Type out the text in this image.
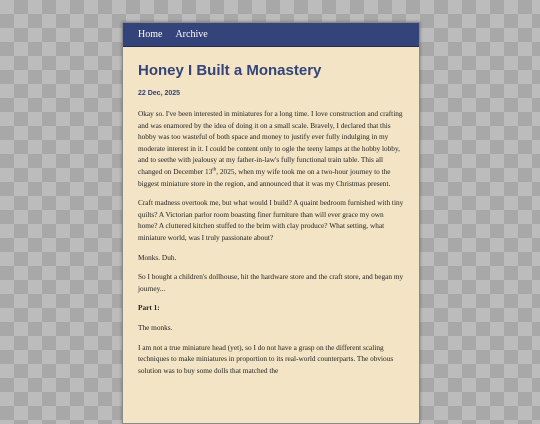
Home Archive
Honey I Built a Monastery
22 Dec, 2025

Okay so. I've been interested in miniatures for a long time. I love construction and crafting and was enamored by the idea of doing it on a small scale. Bravely, I declared that this hobby was too wasteful of both space and money to justify ever fully indulging in my moderate interest in it. I could be content only to ogle the teeny lamps at the hobby lobby, and to seethe with jealousy at my father-in-law's fully functional train table. This all changed on December 13th, 2025, when my wife took me on a two-hour journey to the biggest miniature store in the region, and announced that it was my Christmas present.

Craft madness overtook me, but what would I build? A quaint bedroom furnished with tiny quilts? A Victorian parlor room boasting finer furniture than will ever grace my own home? A cluttered kitchen stuffed to the brim with clay produce? What setting, what miniature world, was I truly passionate about?

Monks. Duh.

So I bought a children's dollhouse, hit the hardware store and the craft store, and began my journey...

Part 1:

The monks.

I am not a true miniature head (yet), so I do not have a grasp on the different scaling techniques to make miniatures in proportion to its real-world counterparts. The obvious solution was to buy some dolls that matched the
